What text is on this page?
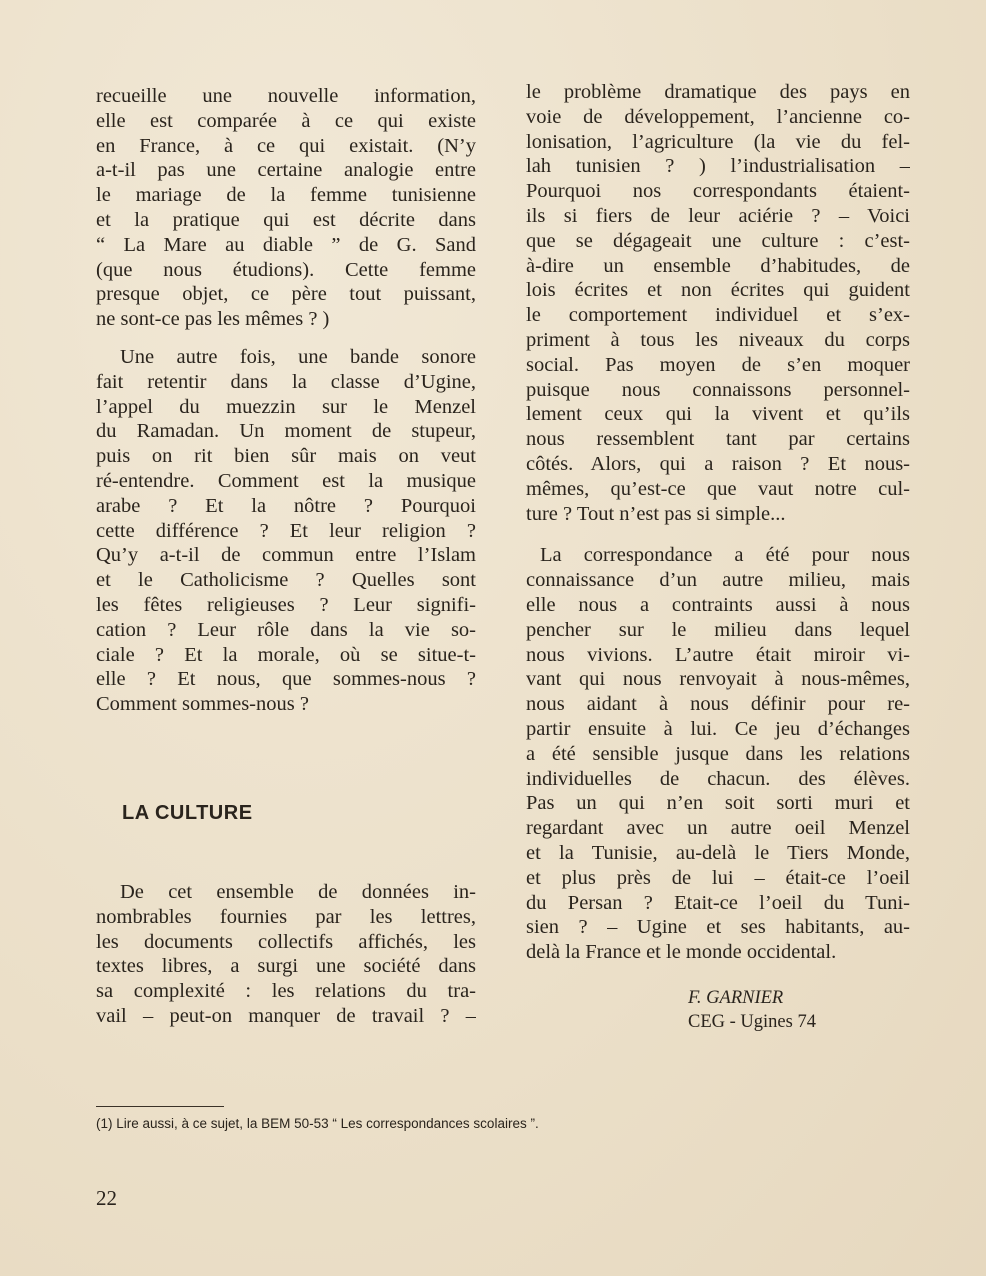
recueille une nouvelle information,
elle est comparée à ce qui existe
en France, à ce qui existait. (N’y
a-t-il pas une certaine analogie entre
le mariage de la femme tunisienne
et la pratique qui est décrite dans
“ La Mare au diable ” de G. Sand
(que nous étudions). Cette femme
presque objet, ce père tout puissant,
ne sont-ce pas les mêmes ? )
Une autre fois, une bande sonore
fait retentir dans la classe d’Ugine,
l’appel du muezzin sur le Menzel
du Ramadan. Un moment de stupeur,
puis on rit bien sûr mais on veut
ré-entendre. Comment est la musique
arabe ? Et la nôtre ? Pourquoi
cette différence ? Et leur religion ?
Qu’y a-t-il de commun entre l’Islam
et le Catholicisme ? Quelles sont
les fêtes religieuses ? Leur signifi-
cation ? Leur rôle dans la vie so-
ciale ? Et la morale, où se situe-t-
elle ? Et nous, que sommes-nous ?
Comment sommes-nous ?
LA CULTURE
De cet ensemble de données in-
nombrables fournies par les lettres,
les documents collectifs affichés, les
textes libres, a surgi une société dans
sa complexité : les relations du tra-
vail – peut-on manquer de travail ? –
le problème dramatique des pays en
voie de développement, l’ancienne co-
lonisation, l’agriculture (la vie du fel-
lah tunisien ? ) l’industrialisation –
Pourquoi nos correspondants étaient-
ils si fiers de leur aciérie ? – Voici
que se dégageait une culture : c’est-
à-dire un ensemble d’habitudes, de
lois écrites et non écrites qui guident
le comportement individuel et s’ex-
priment à tous les niveaux du corps
social. Pas moyen de s’en moquer
puisque nous connaissons personnel-
lement ceux qui la vivent et qu’ils
nous ressemblent tant par certains
côtés. Alors, qui a raison ? Et nous-
mêmes, qu’est-ce que vaut notre cul-
ture ? Tout n’est pas si simple...
La correspondance a été pour nous
connaissance d’un autre milieu, mais
elle nous a contraints aussi à nous
pencher sur le milieu dans lequel
nous vivions. L’autre était miroir vi-
vant qui nous renvoyait à nous-mêmes,
nous aidant à nous définir pour re-
partir ensuite à lui. Ce jeu d’échanges
a été sensible jusque dans les relations
individuelles de chacun. des élèves.
Pas un qui n’en soit sorti muri et
regardant avec un autre oeil Menzel
et la Tunisie, au-delà le Tiers Monde,
et plus près de lui – était-ce l’oeil
du Persan ? Etait-ce l’oeil du Tuni-
sien ? – Ugine et ses habitants, au-
delà la France et le monde occidental.
F. GARNIER
CEG - Ugines 74
(1) Lire aussi, à ce sujet, la BEM 50-53 “ Les correspondances scolaires ”.
22
